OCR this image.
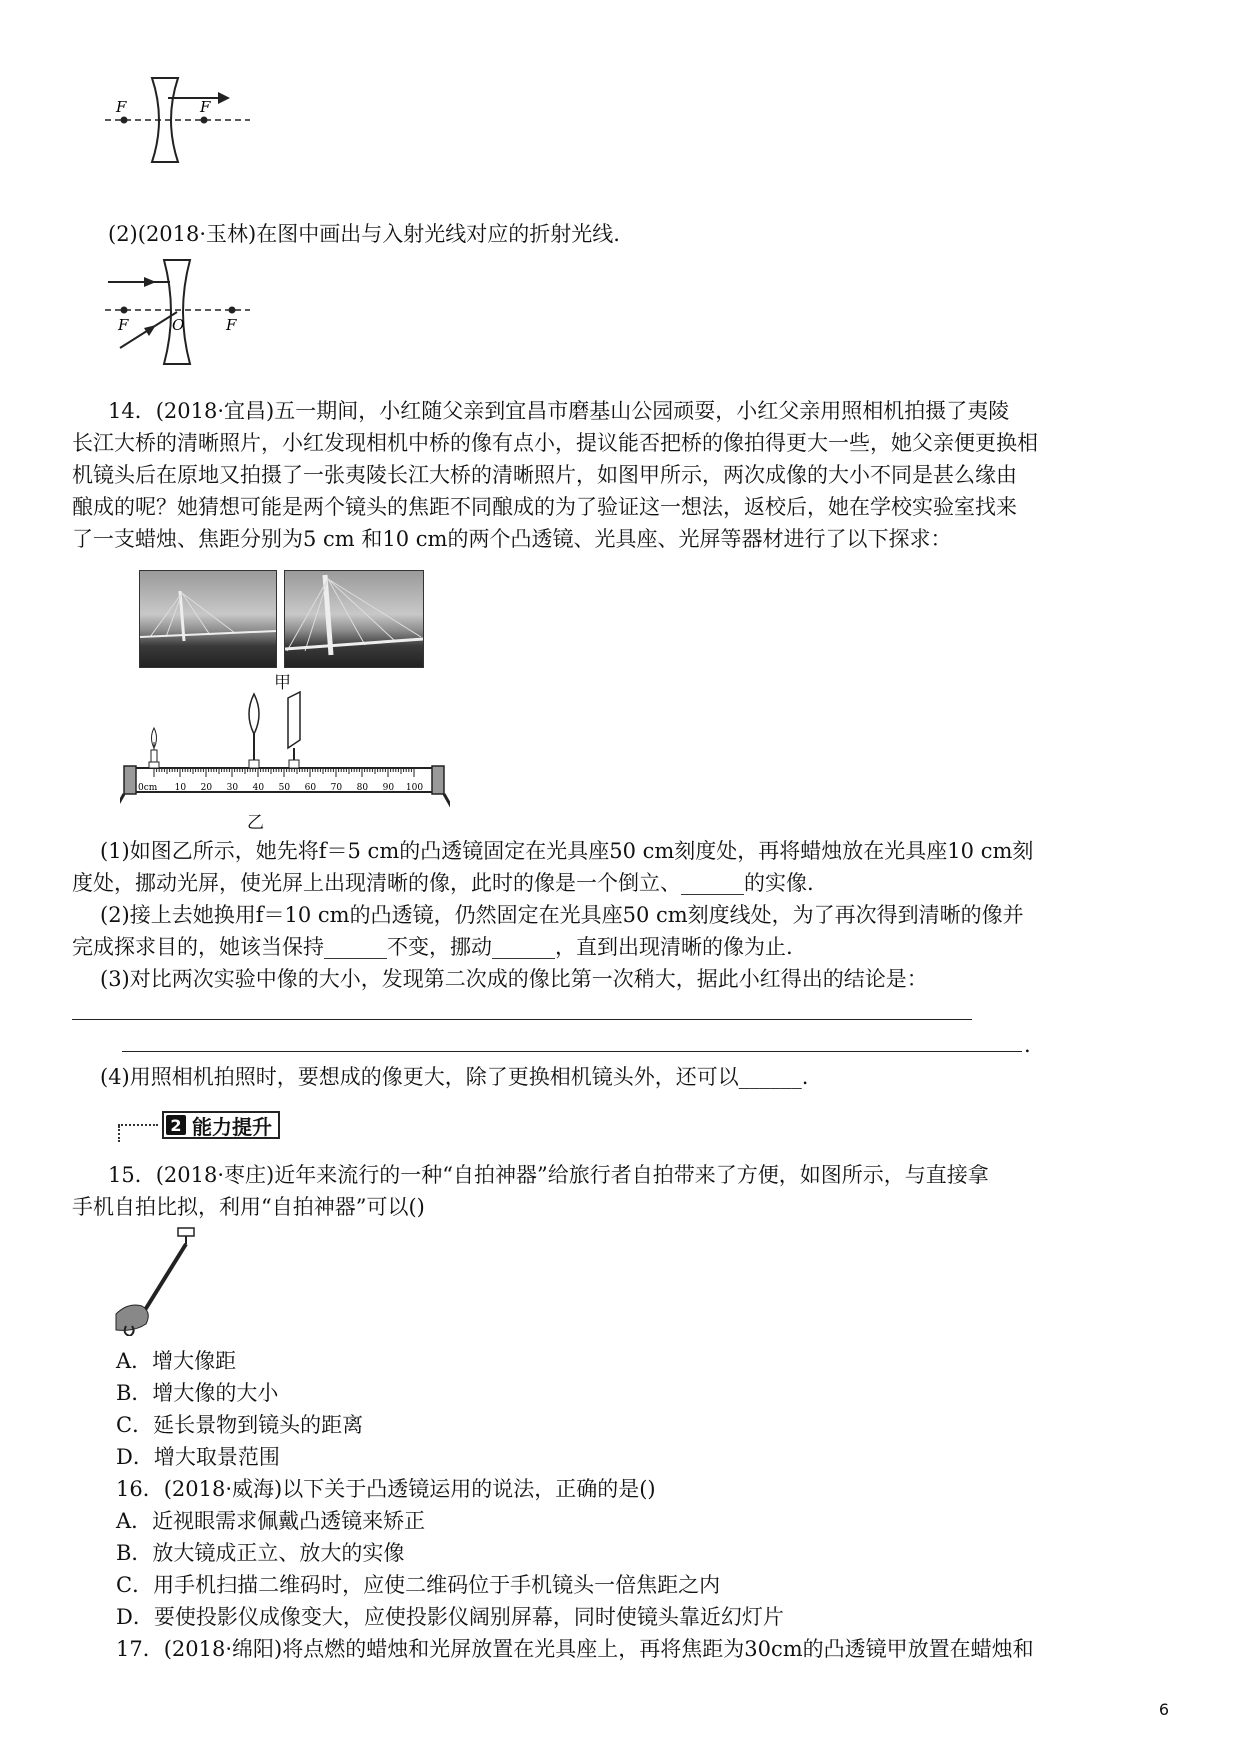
F	F
(2)(2018·玉林)在图中画出与入射光线对应的折射光线.
F	O	F
14．(2018·宜昌)五一期间，小红随父亲到宜昌市磨基山公园顽耍，小红父亲用照相机拍摄了夷陵
长江大桥的清晰照片，小红发现相机中桥的像有点小，提议能否把桥的像拍得更大一些，她父亲便更换相
机镜头后在原地又拍摄了一张夷陵长江大桥的清晰照片，如图甲所示，两次成像的大小不同是甚么缘由
酿成的呢？她猜想可能是两个镜头的焦距不同酿成的为了验证这一想法，返校后，她在学校实验室找来
了一支蜡烛、焦距分别为5 cm 和10 cm的两个凸透镜、光具座、光屏等器材进行了以下探求：
甲
10 20 30 40 50 60 70 80 90 100
0cm
乙
(1)如图乙所示，她先将f＝5 cm的凸透镜固定在光具座50 cm刻度处，再将蜡烛放在光具座10 cm刻
度处，挪动光屏，使光屏上出现清晰的像，此时的像是一个倒立、______的实像.
(2)接上去她换用f＝10 cm的凸透镜，仍然固定在光具座50 cm刻度线处，为了再次得到清晰的像并
完成探求目的，她该当保持______不变，挪动______，直到出现清晰的像为止.
(3)对比两次实验中像的大小，发现第二次成的像比第一次稍大，据此小红得出的结论是：
.
(4)用照相机拍照时，要想成的像更大，除了更换相机镜头外，还可以______.
2 能力提升
15．(2018·枣庄)近年来流行的一种“自拍神器”给旅行者自拍带来了方便，如图所示，与直接拿
手机自拍比拟，利用“自拍神器”可以()
A．增大像距
B．增大像的大小
C．延长景物到镜头的距离
D．增大取景范围
16．(2018·威海)以下关于凸透镜运用的说法，正确的是()
A．近视眼需求佩戴凸透镜来矫正
B．放大镜成正立、放大的实像
C．用手机扫描二维码时，应使二维码位于手机镜头一倍焦距之内
D．要使投影仪成像变大，应使投影仪阔别屏幕，同时使镜头靠近幻灯片
17．(2018·绵阳)将点燃的蜡烛和光屏放置在光具座上，再将焦距为30cm的凸透镜甲放置在蜡烛和
6
